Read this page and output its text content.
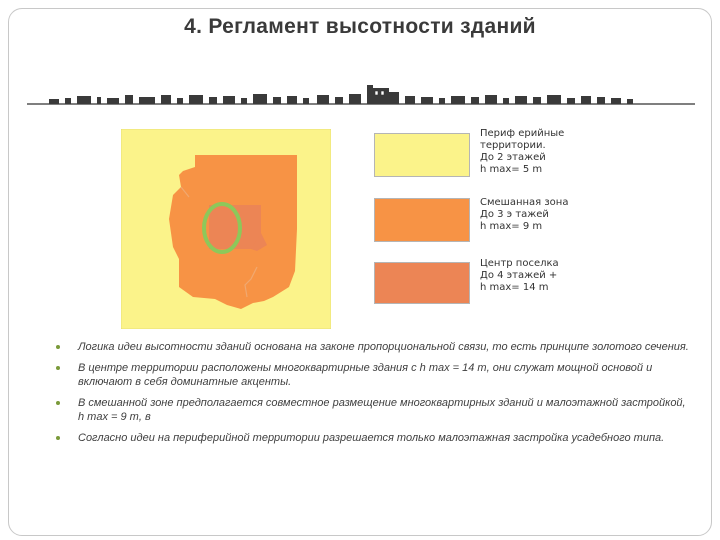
4. Регламент высотности зданий
Периф ерийные
территории.
До 2 этажей
h max= 5 m
Смешанная зона
До 3 э тажей
h max= 9 m
Центр поселка
До 4 этажей +
h max= 14 m
Логика идеи высотности зданий основана на законе пропорциональной связи, то есть принципе золотого сечения.
В центре территории расположены многоквартирные здания с h max = 14 m, они служат мощной основой и включают в себя доминатные акценты.
В смешанной зоне предполагается совместное размещение многоквартирных зданий и малоэтажной застройкой, h max = 9 m, в
Согласно идеи на периферийной территории разрешается только малоэтажная застройка усадебного типа.
